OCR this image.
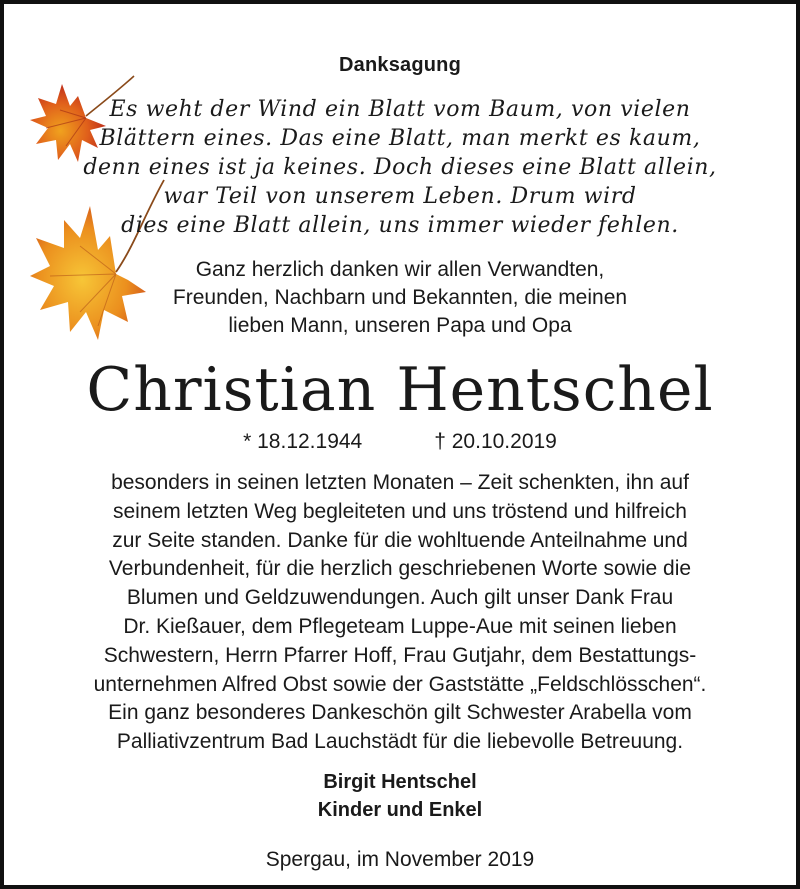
Danksagung
Es weht der Wind ein Blatt vom Baum, von vielen
Blättern eines. Das eine Blatt, man merkt es kaum,
denn eines ist ja keines. Doch dieses eine Blatt allein,
war Teil von unserem Leben. Drum wird
dies eine Blatt allein, uns immer wieder fehlen.
Ganz herzlich danken wir allen Verwandten,
Freunden, Nachbarn und Bekannten, die meinen
lieben Mann, unseren Papa und Opa
Christian Hentschel
* 18.12.1944	† 20.10.2019
besonders in seinen letzten Monaten – Zeit schenkten, ihn auf
seinem letzten Weg begleiteten und uns tröstend und hilfreich
zur Seite standen. Danke für die wohltuende Anteilnahme und
Verbundenheit, für die herzlich geschriebenen Worte sowie die
Blumen und Geldzuwendungen. Auch gilt unser Dank Frau
Dr. Kießauer, dem Pflegeteam Luppe-Aue mit seinen lieben
Schwestern, Herrn Pfarrer Hoff, Frau Gutjahr, dem Bestattungs-
unternehmen Alfred Obst sowie der Gaststätte „Feldschlösschen“.
Ein ganz besonderes Dankeschön gilt Schwester Arabella vom
Palliativzentrum Bad Lauchstädt für die liebevolle Betreuung.
Birgit Hentschel
Kinder und Enkel
Spergau, im November 2019
